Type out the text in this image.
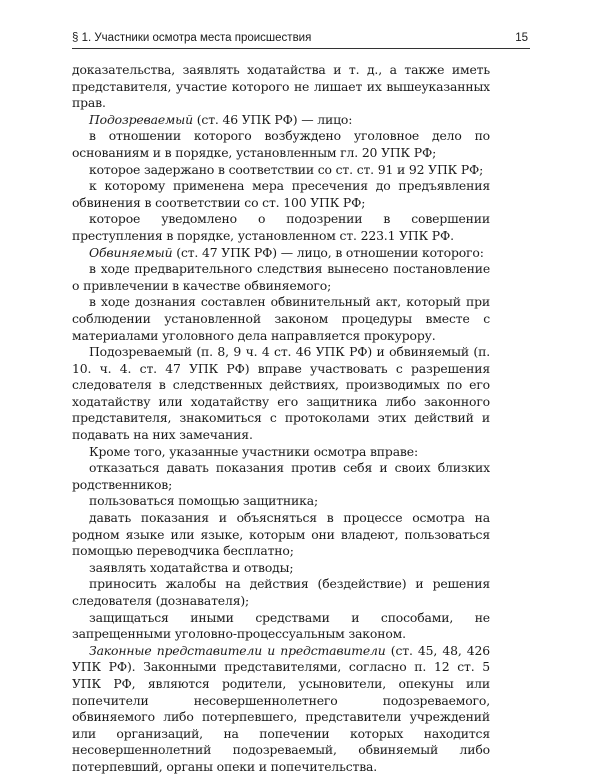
§ 1. Участники осмотра места происшествия	15

доказательства, заявлять ходатайства и т. д., а также иметь представителя, участие которого не лишает их вышеуказанных прав.

Подозреваемый (ст. 46 УПК РФ) — лицо:

в отношении которого возбуждено уголовное дело по основаниям и в порядке, установленным гл. 20 УПК РФ;

которое задержано в соответствии со ст. ст. 91 и 92 УПК РФ;

к которому применена мера пресечения до предъявления обвинения в соответствии со ст. 100 УПК РФ;

которое уведомлено о подозрении в совершении преступления в порядке, установленном ст. 223.1 УПК РФ.

Обвиняемый (ст. 47 УПК РФ) — лицо, в отношении которого:

в ходе предварительного следствия вынесено постановление о привлечении в качестве обвиняемого;

в ходе дознания составлен обвинительный акт, который при соблюдении установленной законом процедуры вместе с материалами уголовного дела направляется прокурору.

Подозреваемый (п. 8, 9 ч. 4 ст. 46 УПК РФ) и обвиняемый (п. 10. ч. 4. ст. 47 УПК РФ) вправе участвовать с разрешения следователя в следственных действиях, производимых по его ходатайству или ходатайству его защитника либо законного представителя, знакомиться с протоколами этих действий и подавать на них замечания.

Кроме того, указанные участники осмотра вправе:

отказаться давать показания против себя и своих близких родственников;

пользоваться помощью защитника;

давать показания и объясняться в процессе осмотра на родном языке или языке, которым они владеют, пользоваться помощью переводчика бесплатно;

заявлять ходатайства и отводы;

приносить жалобы на действия (бездействие) и решения следователя (дознавателя);

защищаться иными средствами и способами, не запрещенными уголовно-процессуальным законом.

Законные представители и представители (ст. 45, 48, 426 УПК РФ). Законными представителями, согласно п. 12 ст. 5 УПК РФ, являются родители, усыновители, опекуны или попечители несовершеннолетнего подозреваемого, обвиняемого либо потерпевшего, представители учреждений или организаций, на попечении которых находится несовершеннолетний подозреваемый, обвиняемый либо потерпевший, органы опеки и попечительства.
